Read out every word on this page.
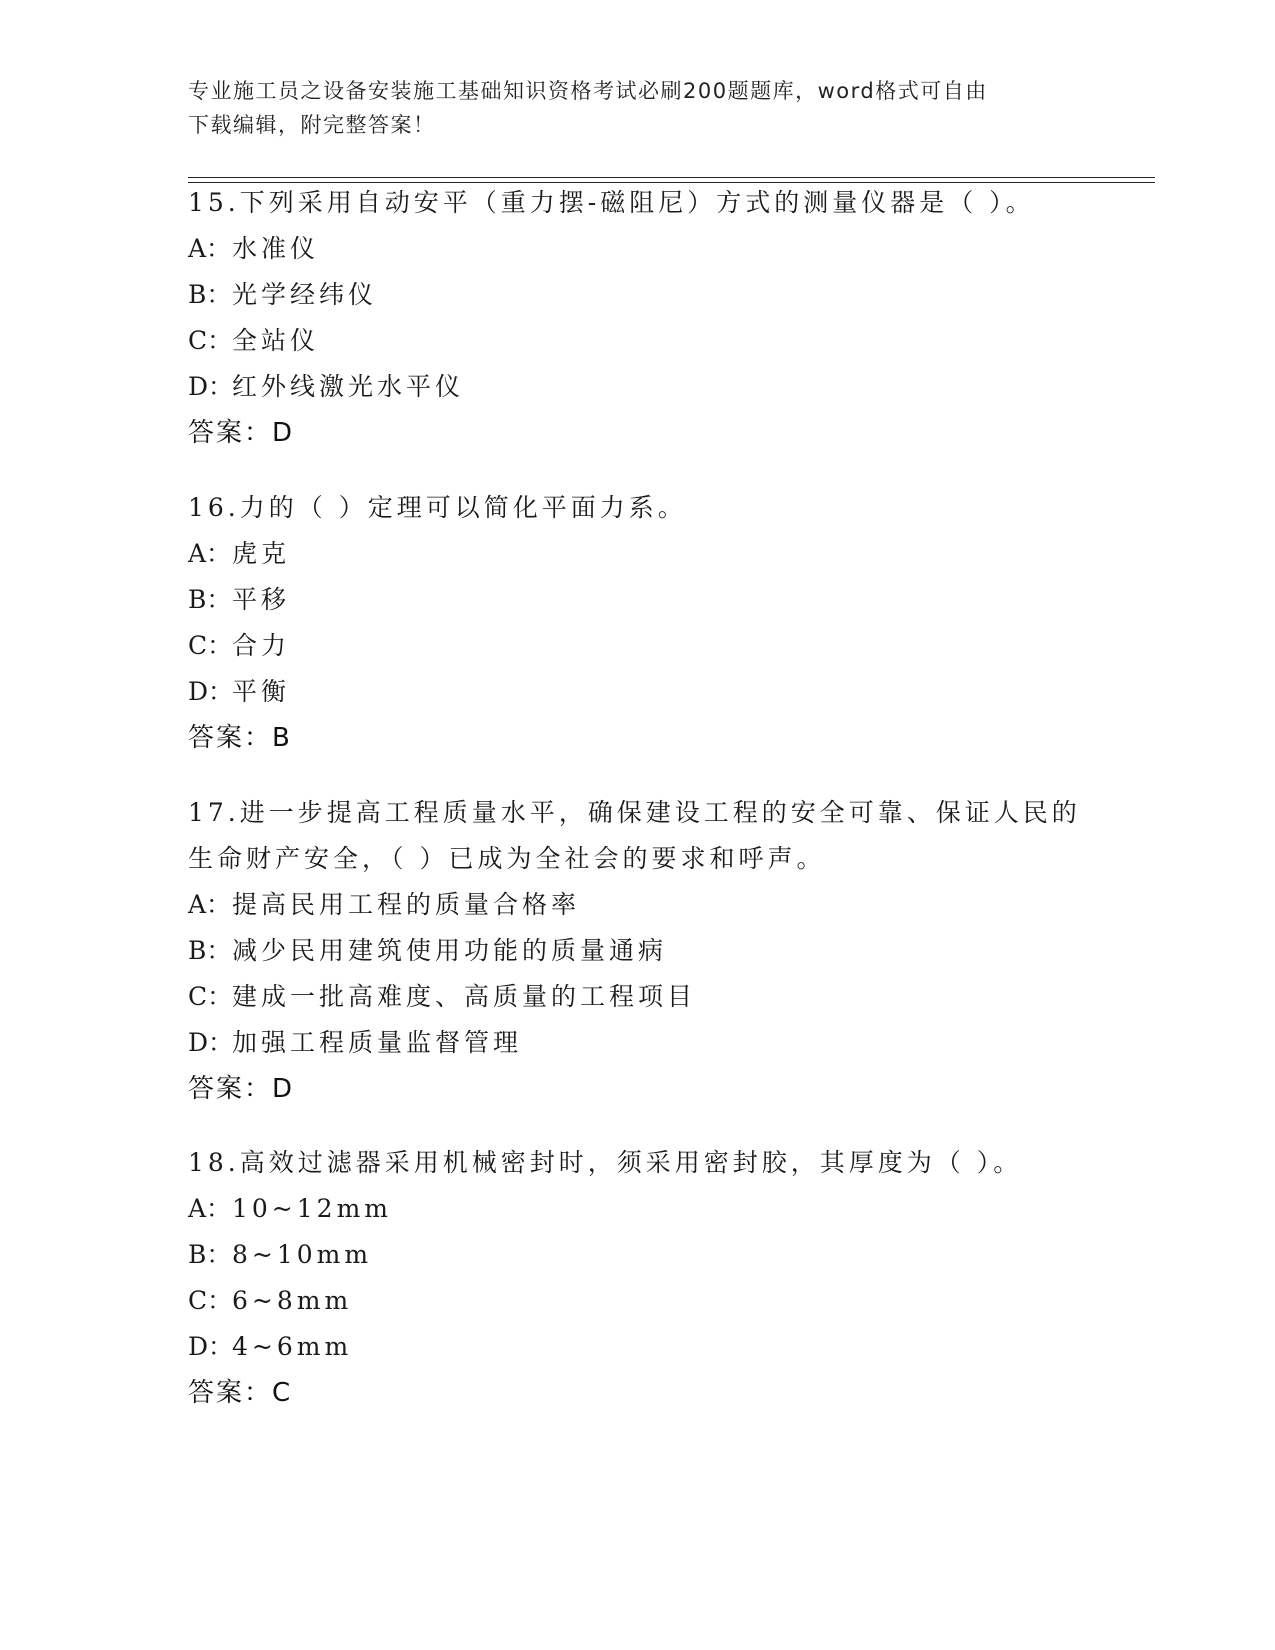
专业施工员之设备安装施工基础知识资格考试必刷200题题库，word格式可自由
下载编辑，附完整答案！
15.下列采用自动安平（重力摆-磁阻尼）方式的测量仪器是（ ）。
A：水准仪
B：光学经纬仪
C：全站仪
D：红外线激光水平仪
答案：D
16.力的（ ）定理可以简化平面力系。
A：虎克
B：平移
C：合力
D：平衡
答案：B
17.进一步提高工程质量水平，确保建设工程的安全可靠、保证人民的
生命财产安全，（ ）已成为全社会的要求和呼声。
A：提高民用工程的质量合格率
B：减少民用建筑使用功能的质量通病
C：建成一批高难度、高质量的工程项目
D：加强工程质量监督管理
答案：D
18.高效过滤器采用机械密封时，须采用密封胶，其厚度为（ ）。
A：10~12mm
B：8~10mm
C：6~8mm
D：4~6mm
答案：C
